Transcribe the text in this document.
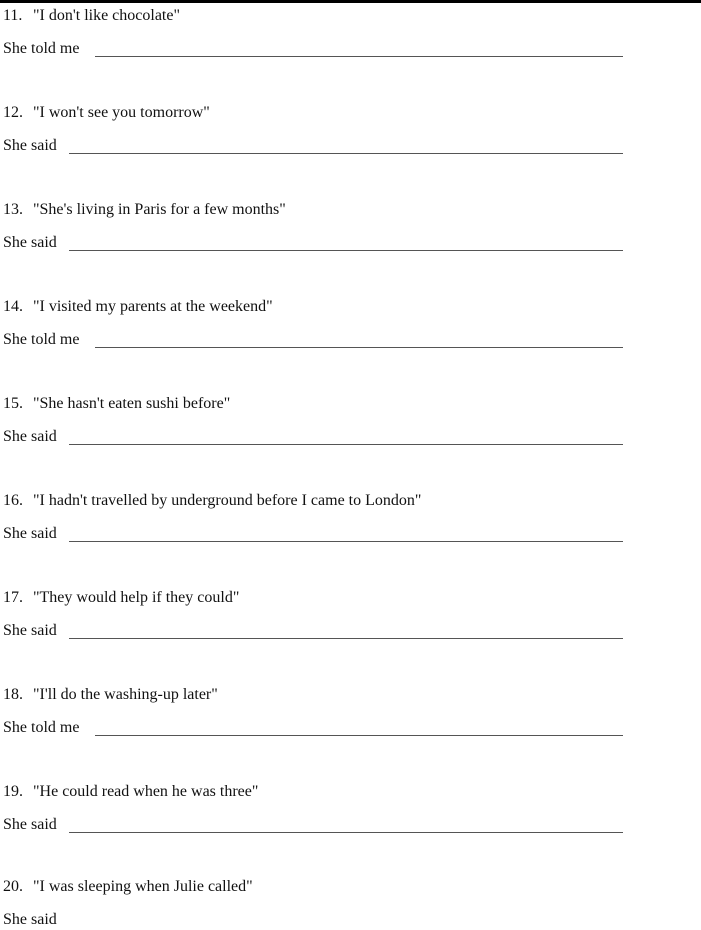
11. "I don't like chocolate"
She told me
12. "I won't see you tomorrow"
She said
13. "She's living in Paris for a few months"
She said
14. "I visited my parents at the weekend"
She told me
15. "She hasn't eaten sushi before"
She said
16. "I hadn't travelled by underground before I came to London"
She said
17. "They would help if they could"
She said
18. "I'll do the washing-up later"
She told me
19. "He could read when he was three"
She said
20. "I was sleeping when Julie called"
She said
